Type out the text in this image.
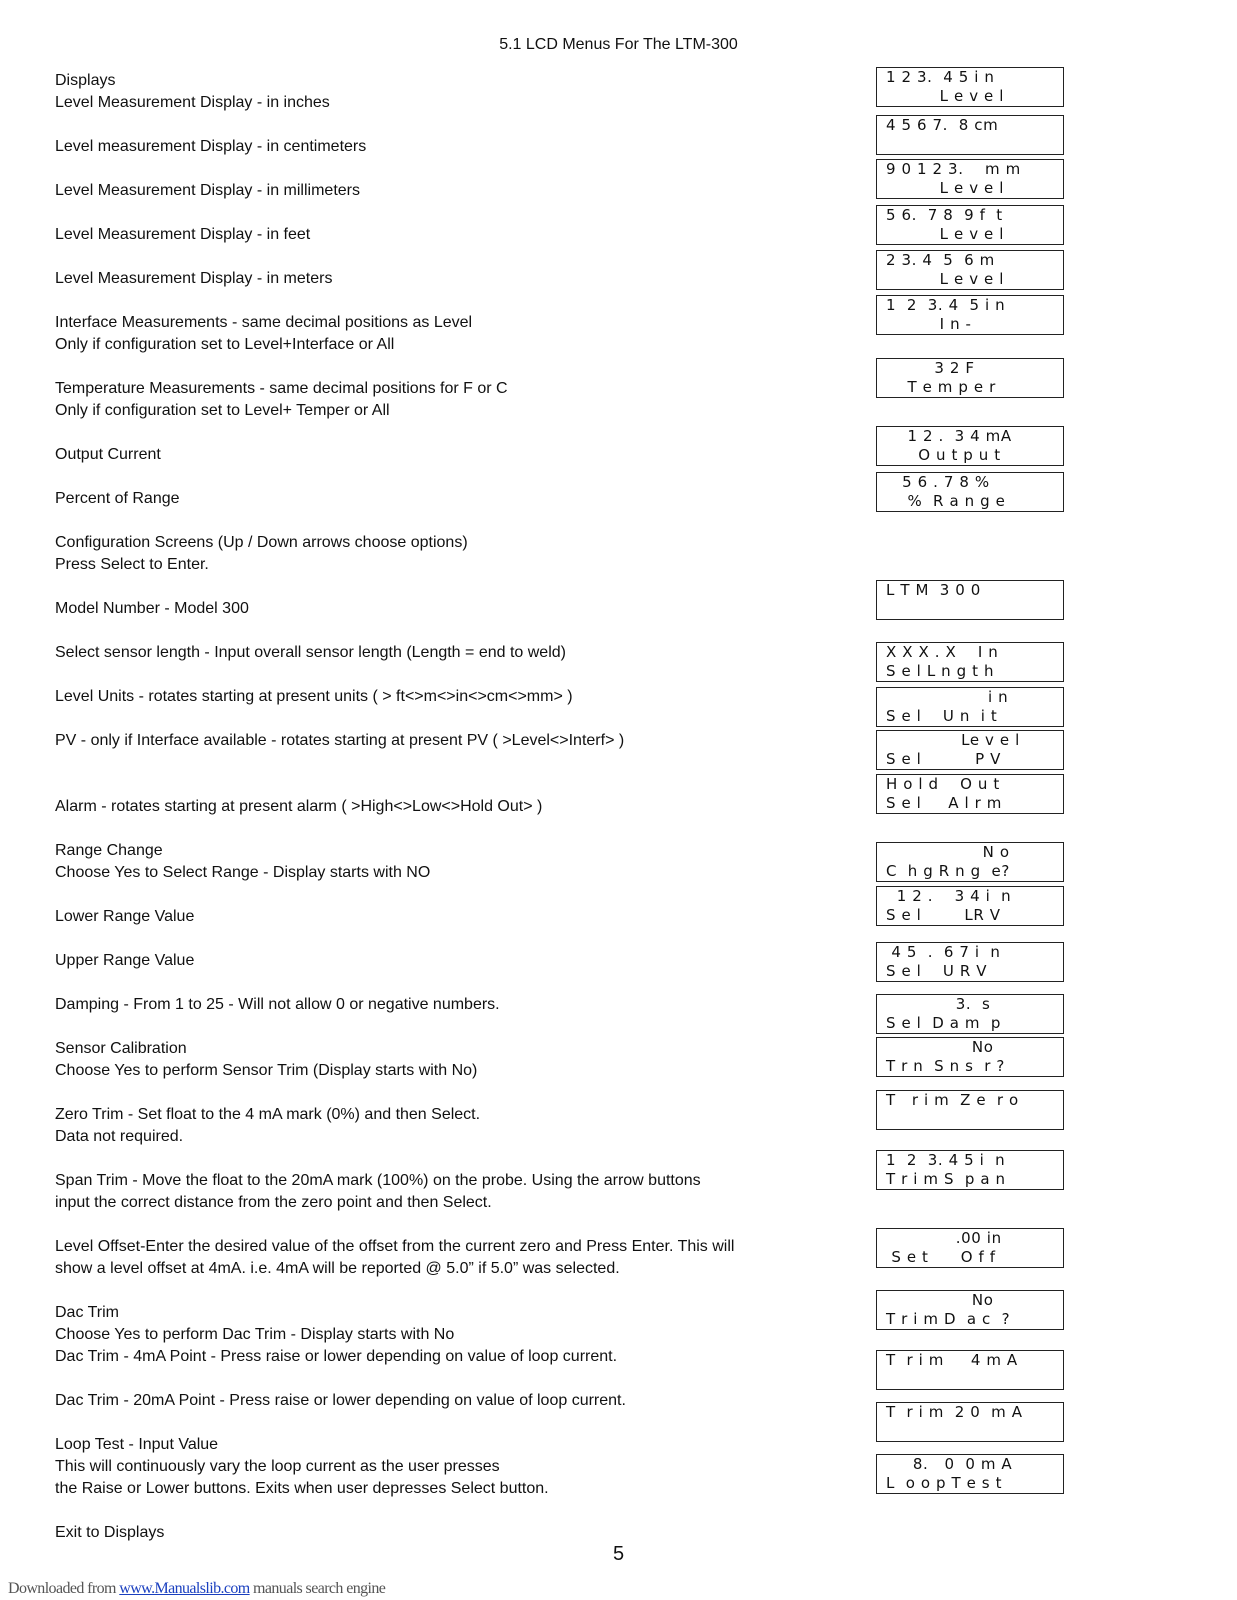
5.1 LCD Menus For The LTM-300
Displays
Level Measurement Display - in inches
Level measurement Display - in centimeters
Level Measurement Display - in millimeters
Level Measurement Display - in feet
Level Measurement Display - in meters
Interface Measurements - same decimal positions as Level
Only if configuration set to Level+Interface or All
Temperature Measurements - same decimal positions for F or C
Only if configuration set to Level+ Temper or All
Output Current
Percent of Range
Configuration Screens (Up / Down arrows choose options)
Press Select to Enter.
Model Number - Model 300
Select sensor length - Input overall sensor length (Length = end to weld)
Level Units - rotates starting at present units ( > ft<>m<>in<>cm<>mm> )
PV - only if Interface available - rotates starting at present PV ( >Level<>Interf> )
Alarm - rotates starting at present alarm ( >High<>Low<>Hold Out> )
Range Change
Choose Yes to Select Range - Display starts with NO
Lower Range Value
Upper Range Value
Damping - From 1 to 25 - Will not allow 0 or negative numbers.
Sensor Calibration
Choose Yes to perform Sensor Trim (Display starts with No)
Zero Trim - Set float to the 4 mA mark (0%) and then Select.
Data not required.
Span Trim - Move the float to the 20mA mark (100%) on the probe. Using the arrow buttons
input the correct distance from the zero point and then Select.
Level Offset-Enter the desired value of the offset from the current zero and Press Enter. This will
show a level offset at 4mA. i.e. 4mA will be reported @ 5.0” if 5.0” was selected.
Dac Trim
Choose Yes to perform Dac Trim - Display starts with No
Dac Trim - 4mA Point - Press raise or lower depending on value of loop current.
Dac Trim - 20mA Point - Press raise or lower depending on value of loop current.
Loop Test - Input Value
This will continuously vary the loop current as the user presses
the Raise or Lower buttons. Exits when user depresses Select button.
Exit to Displays
1 2 3.  4 5 i n
L e v e l
4 5 6 7.  8 cm
9 0 1 2 3.    m m
L e v e l
5 6.  7 8  9 f  t
L e v e l
2 3. 4  5  6 m
L e v e l
1  2  3. 4  5 i n
I n -
3 2 F
T e m p e r
1 2 .  3 4 mA
O u t p u t
5 6 . 7 8 %
%  R a n g e
L T M  3 0 0
X X X . X    I n
S e l L n g t h
i n
S e l    U n  i t
Le v e l
S e l          P V
H o l d    O u t
S e l     A l r m
N o
C  h g R n g  e?
1 2 .    3 4 i  n
S e l        LR V
4 5  .  6 7 i  n
S e l    U R V
3.  s
S e l  D a m  p
No
T r n  S n s  r ?
T   r i m  Z e  r o
1  2  3. 4 5 i  n
T r i m S  p a n
.00 in
S e t      O f f
No
T r i m D  a c  ?
T  r i m     4 m A
T  r i m  2 0  m A
8.   0  0 m A
L  o o p T e s t
5
Downloaded from www.Manualslib.com manuals search engine
